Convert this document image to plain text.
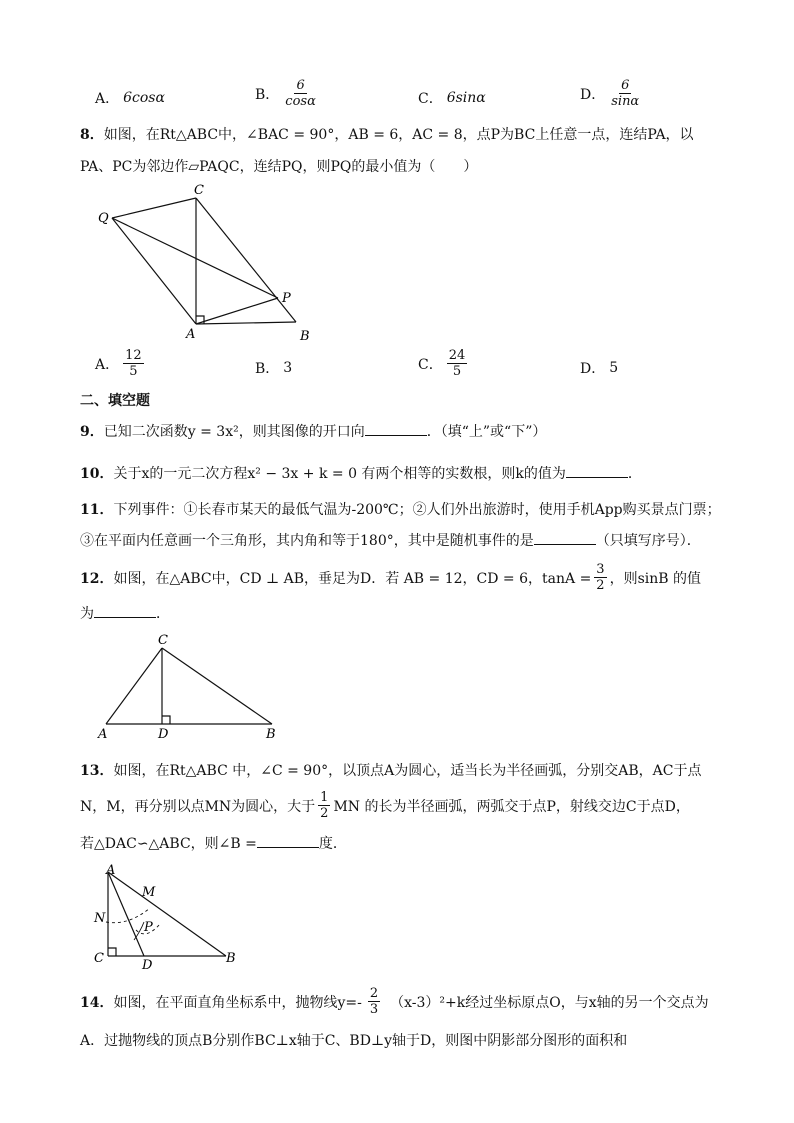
A． 6cosα	B． $\frac{6}{\cos\alpha}$	C． 6sinα	D． $\frac{6}{\sin\alpha}$
8．如图，在Rt△ABC中，∠BAC = 90°，AB = 6，AC = 8，点P为BC上任意一点，连结PA，以
PA、PC为邻边作▱PAQC，连结PQ，则PQ的最小值为（　　）
C
Q
P
A	B
A． $\frac{12}{5}$	B． 3	C． $\frac{24}{5}$	D． 5
二、填空题
9．已知二次函数y = 3x²，则其图像的开口向	．（填“上”或“下”）
10．关于x的一元二次方程x² − 3x + k = 0 有两个相等的实数根，则k的值为	．
11．下列事件：①长春市某天的最低气温为-200℃；②人们外出旅游时，使用手机App购买景点门票；
③在平面内任意画一个三角形，其内角和等于180°，其中是随机事件的是	（只填写序号）．
12． 如图，在△ABC中，CD ⊥ AB，垂足为D．若 AB = 12，CD = 6，$\tan A = \frac{3}{2}$ ，则sinB 的值
为	．
C
A	D	B
13．如图，在Rt△ABC 中，∠C = 90°，以顶点A为圆心，适当长为半径画弧，分别交AB，AC于点
N，M，再分别以点MN为圆心，大于 $\frac{1}{2}$ MN 的长为半径画弧，两弧交于点P，射线交边C于点D，
若△DAC∽△ABC，则∠B =	度．
A
M
N
P
C	D	B
14． 如图，在平面直角坐标系中，抛物线$y=- \frac{2}{3} (x-3)^2+k$经过坐标原点O，与x轴的另一个交点为
A．过抛物线的顶点B分别作BC⊥x轴于C、BD⊥y轴于D，则图中阴影部分图形的面积和
